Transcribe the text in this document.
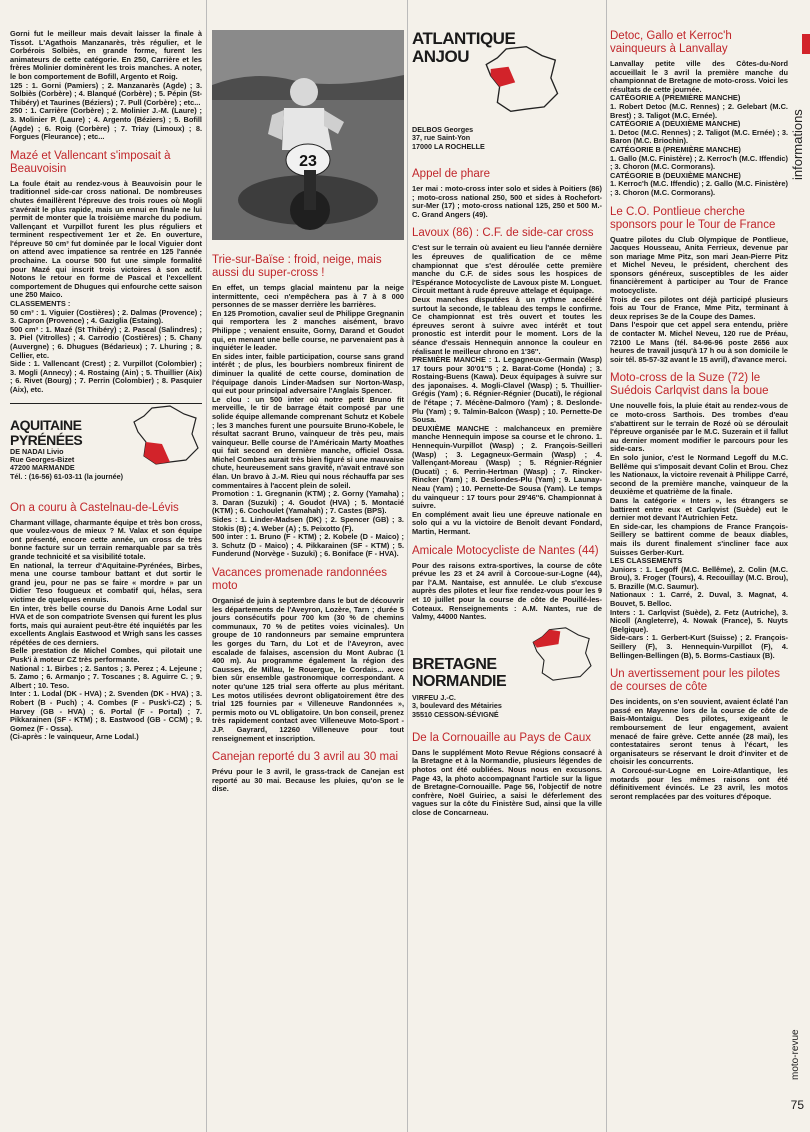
Gorni fut le meilleur mais devait laisser la finale à Tissot. L'Agathois Manzanarès, très régulier, et le Corbérois Solbiès, en grande forme, furent les animateurs de cette catégorie. En 250, Carrière et les frères Molinier dominèrent les trois manches. A noter, le bon comportement de Bofill, Argento et Roig.
125 : 1. Gorni (Pamiers) ; 2. Manzanarès (Agde) ; 3. Solbiès (Corbère) ; 4. Blanqué (Corbère) ; 5. Pépin (St-Thibéry) et Taurines (Béziers) ; 7. Pull (Corbère) ; etc...
250 : 1. Carrière (Corbère) ; 2. Molinier J.-M. (Laure) ; 3. Molinier P. (Laure) ; 4. Argento (Béziers) ; 5. Bofill (Agde) ; 6. Roig (Corbère) ; 7. Triay (Limoux) ; 8. Forgues (Fleurance) ; etc...

Mazé et Vallencant s'imposait à Beauvoisin

La foule était au rendez-vous à Beauvoisin pour le traditionnel side-car cross national. De nombreuses chutes émaillèrent l'épreuve des trois roues où Mogli s'avérait le plus rapide, mais un ennui en finale ne lui permit de monter que la troisième marche du podium. Vallençant et Vurpillot furent les plus réguliers et terminent respectivement 1er et 2e. En ouverture, l'épreuve 50 cm³ fut dominée par le local Viguier dont on attend avec impatience sa rentrée en 125 l'année prochaine. La course 500 fut une simple formalité pour Mazé qui inscrit trois victoires à son actif. Notons le retour en forme de Pascal et l'excellent comportement de Dhugues qui enfourche cette saison une 250 Maico.
CLASSEMENTS :
50 cm³ : 1. Viguier (Costières) ; 2. Dalmas (Provence) ; 3. Capron (Provence) ; 4. Gaziglia (Estaing).
500 cm³ : 1. Mazé (St Thibéry) ; 2. Pascal (Salindres) ; 3. Piel (Vitrolles) ; 4. Carrodio (Costières) ; 5. Chany (Auvergne) ; 6. Dhugues (Bédarieux) ; 7. Lhuring ; 8. Cellier, etc.
Side : 1. Vallencant (Crest) ; 2. Vurpillot (Colombier) ; 3. Mogli (Annecy) ; 4. Rostaing (Ain) ; 5. Thuillier (Aix) ; 6. Rivet (Bourg) ; 7. Perrin (Colombier) ; 8. Pasquier (Aix), etc.

AQUITAINE
PYRÉNÉES
DE NADAI Livio
Rue Georges-Bizet
47200 MARMANDE
Tél. : (16-56) 61-03-11 (la journée)
On a couru à Castelnau-de-Lévis

Charmant village, charmante équipe et très bon cross, que voulez-vous de mieux ? M. Valax et son équipe ont présenté, encore cette année, un cross de très bonne facture sur un terrain remarquable par sa très grande technicité et sa visibilité totale.
En national, la terreur d'Aquitaine-Pyrénées, Birbes, mena une course tambour battant et dut sortir le grand jeu, pour ne pas se faire « mordre » par un Didier Teso fougueux et combatif qui, hélas, sera victime de quelques ennuis.
En inter, très belle course du Danois Arne Lodal sur HVA et de son compatriote Svensen qui furent les plus forts, mais qui auraient peut-être été inquiétés par les excellents Anglais Eastwood et Wrigh sans les casses répétées de ces derniers.
Belle prestation de Michel Combes, qui pilotait une Pusk'i à moteur CZ très performante.
National : 1. Birbes ; 2. Santos ; 3. Perez ; 4. Lejeune ; 5. Zamo ; 6. Armanjo ; 7. Toscanes ; 8. Aguirre C. ; 9. Albert ; 10. Teso.
Inter : 1. Lodal (DK - HVA) ; 2. Svenden (DK - HVA) ; 3. Robert (B - Puch) ; 4. Combes (F - Pusk'i-CZ) ; 5. Harvey (GB - HVA) ; 6. Portal (F - Portal) ; 7. Pikkarainen (SF - KTM) ; 8. Eastwood (GB - CCM) ; 9. Gomez (F - Ossa).
(Ci-après : le vainqueur, Arne Lodal.)

23
Trie-sur-Baïse : froid, neige, mais aussi du super-cross !

En effet, un temps glacial maintenu par la neige intermittente, ceci n'empêchera pas à 7 à 8 000 personnes de se masser derrière les barrières.
En 125 Promotion, cavalier seul de Philippe Gregnanin qui remportera les 2 manches aisément, bravo Philippe ; venaient ensuite, Gorny, Darand et Goudot qui, en menant une belle course, ne parvenaient pas à inquiéter le leader.
En sides inter, faible participation, course sans grand intérêt ; de plus, les bourbiers nombreux finirent de diminuer la qualité de cette course, domination de l'équipage danois Linder-Madsen sur Norton-Wasp, qui eut pour principal adversaire l'Anglais Spencer.
Le clou : un 500 inter où notre petit Bruno fit merveille, le tir de barrage était composé par une solide équipe allemande comprenant Schutz et Kobele ; les 3 manches furent une poursuite Bruno-Kobele, le résultat sacrant Bruno, vainqueur de très peu, mais vainqueur. Belle course de l'Américain Marty Moathes qui fait second en dernière manche, officiel Ossa. Michel Combes aurait très bien figuré si une mauvaise chute, heureusement sans gravité, n'avait entravé son élan. Un bravo à J.-M. Rieu qui nous réchauffa par ses commentaires à l'accent plein de soleil.
Promotion : 1. Gregnanin (KTM) ; 2. Gorny (Yamaha) ; 3. Daran (Suzuki) ; 4. Goudot (HVA) ; 5. Montacié (KTM) ; 6. Cochoulet (Yamahah) ; 7. Castes (BPS).
Sides : 1. Linder-Madsen (DK) ; 2. Spencer (GB) ; 3. Stokis (B) ; 4. Weber (A) ; 5. Peixotto (F).
500 inter : 1. Bruno (F - KTM) ; 2. Kobele (D - Maico) ; 3. Schutz (D - Maico) ; 4. Pikkarainen (SF - KTM) ; 5. Funderund (Norvège - Suzuki) ; 6. Boniface (F - HVA).

Vacances promenade randonnées moto

Organisé de juin à septembre dans le but de découvrir les départements de l'Aveyron, Lozère, Tarn ; durée 5 jours consécutifs pour 700 km (30 % de chemins communaux, 70 % de petites voies vicinales). Un groupe de 10 randonneurs par semaine empruntera les gorges du Tarn, du Lot et de l'Aveyron, avec escalade de falaises, ascension du Mont Aubrac (1 400 m). Au programme également la région des Causses, de Millau, le Rouergue, le Cordais... avec bien sûr ensemble gastronomique correspondant. A noter qu'une 125 trial sera offerte au plus méritant. Les motos utilisées devront obligatoirement être des trial 125 fournies par « Villeneuve Randonnées », permis moto ou VL obligatoire. Un bon conseil, prenez très rapidement contact avec Villeneuve Moto-Sport - J.P. Gayrard, 12260 Villeneuve pour tout renseignement et inscription.

Canejan reporté du 3 avril au 30 mai

Prévu pour le 3 avril, le grass-track de Canejan est reporté au 30 mai. Because les pluies, qu'on se le dise.

ATLANTIQUE
ANJOU
DELBOS Georges
37, rue Saint-Yon
17000 LA ROCHELLE
Appel de phare

1er mai : moto-cross inter solo et sides à Poitiers (86) ; moto-cross national 250, 500 et sides à Rochefort-sur-Mer (17) ; moto-cross national 125, 250 et 500 M.-C. Grand Angers (49).

Lavoux (86) : C.F. de side-car cross

C'est sur le terrain où avaient eu lieu l'année dernière les épreuves de qualification de ce même championnat que s'est déroulée cette première manche du C.F. de sides sous les hospices de l'Espérance Motocycliste de Lavoux piste M. Longuet. Circuit mettant à rude épreuve attelage et équipage.
Deux manches disputées à un rythme accéléré surtout la seconde, le tableau des temps le confirme. Ce championnat est très ouvert et toutes les épreuves seront à suivre avec intérêt et tout pronostic est interdit pour le moment. Lors de la séance d'essais Hennequin annonce la couleur en réalisant le meilleur chrono en 1'36''.
PREMIÈRE MANCHE : 1. Legagneux-Germain (Wasp) 17 tours pour 30'01''5 ; 2. Barat-Come (Honda) ; 3. Rostaing-Buens (Kawa). Deux équipages à suivre sur des japonaises. 4. Mogli-Clavel (Wasp) ; 5. Thuillier-Grégis (Yam) ; 6. Régnier-Régnier (Ducati), le régional de l'étape ; 7. Mécène-Dalmoro (Yam) ; 8. Deslonde-Plu (Yam) ; 9. Talmin-Balcon (Wasp) ; 10. Pernette-De Sousa.
DEUXIÈME MANCHE : malchanceux en première manche Hennequin impose sa course et le chrono. 1. Hennequin-Vurpillot (Wasp) ; 2. François-Seilleri (Wasp) ; 3. Legagneux-Germain (Wasp) ; 4. Vallençant-Moreau (Wasp) ; 5. Régnier-Régnier (Ducati) ; 6. Perrin-Hertman (Wasp) ; 7. Rincker-Rincker (Yam) ; 8. Deslondes-Plu (Yam) ; 9. Launay-Neau (Yam) ; 10. Pernette-De Sousa (Yam). Le temps du vainqueur : 17 tours pour 29'46''6. Championnat à suivre.
En complément avait lieu une épreuve nationale en solo qui a vu la victoire de Benoît devant Fondard, Martin, Hermant.

Amicale Motocycliste de Nantes (44)

Pour des raisons extra-sportives, la course de côte prévue les 23 et 24 avril à Corcoue-sur-Logne (44), par l'A.M. Nantaise, est annulée. Le club s'excuse auprès des pilotes et leur fixe rendez-vous pour les 9 et 10 juillet pour la course de côte de Pouillé-les-Coteaux. Renseignements : A.M. Nantes, rue de Valmy, 44000 Nantes.

BRETAGNE
NORMANDIE
VIRFEU J.-C.
3, boulevard des Métairies
35510 CESSON-SÉVIGNÉ
De la Cornouaille au Pays de Caux

Dans le supplément Moto Revue Régions consacré à la Bretagne et à la Normandie, plusieurs légendes de photos ont été oubliées. Nous nous en excusons. Page 43, la photo accompagnant l'article sur la ligue de Bretagne-Cornouaille. Page 56, l'objectif de notre confrère, Noël Guiriec, a saisi le déferlement des vagues sur la côte du Finistère Sud, ainsi que la ville close de Concarneau.

Detoc, Gallo et Kerroc'h vainqueurs à Lanvallay

Lanvallay petite ville des Côtes-du-Nord accueillait le 3 avril la première manche du championnat de Bretagne de moto-cross. Voici les résultats de cette journée.
CATÉGORIE A (PREMIÈRE MANCHE)
1. Robert Detoc (M.C. Rennes) ; 2. Gelebart (M.C. Brest) ; 3. Taligot (M.C. Ernée).
CATÉGORIE A (DEUXIÈME MANCHE)
1. Detoc (M.C. Rennes) ; 2. Taligot (M.C. Ernée) ; 3. Baron (M.C. Briochin).
CATÉGORIE B (PREMIÈRE MANCHE)
1. Gallo (M.C. Finistère) ; 2. Kerroc'h (M.C. Iffendic) ; 3. Choron (M.C. Cormorans).
CATÉGORIE B (DEUXIÈME MANCHE)
1. Kerroc'h (M.C. Iffendic) ; 2. Gallo (M.C. Finistère) ; 3. Choron (M.C. Cormorans).

Le C.O. Pontlieue cherche sponsors pour le Tour de France

Quatre pilotes du Club Olympique de Pontlieue, Jacques Housseau, Anita Ferrieux, devenue par son mariage Mme Pitz, son mari Jean-Pierre Pitz et Michel Neveu, le président, cherchent des sponsors généreux, susceptibles de les aider financièrement à participer au Tour de France motocycliste.
Trois de ces pilotes ont déjà participé plusieurs fois au Tour de France, Mme Pitz, terminant à deux reprises 3e de la Coupe des Dames.
Dans l'espoir que cet appel sera entendu, prière de contacter M. Michel Neveu, 120 rue de Préau, 72100 Le Mans (tél. 84-96-96 poste 2656 aux heures de travail jusqu'à 17 h ou à son domicile le soir tél. 85-57-32 avant le 15 avril), d'avance merci.

Moto-cross de la Suze (72) le Suédois Carlqvist dans la boue

Une nouvelle fois, la pluie était au rendez-vous de ce moto-cross Sarthois. Des trombes d'eau s'abattirent sur le terrain de Rozé où se déroulait l'épreuve organisée par le M.C. Suzerain et il fallut au dernier moment modifier le parcours pour les side-cars.
En solo junior, c'est le Normand Legoff du M.C. Bellême qui s'imposait devant Colin et Brou. Chez les Nationaux, la victoire revenait à Philippe Carré, second de la première manche, vainqueur de la deuxième et quatrième de la finale.
Dans la catégorie « Inters », les étrangers se battirent entre eux et Carlqvist (Suède) eut le dernier mot devant l'Autrichien Fetz.
En side-car, les champions de France François-Seillery se battirent comme de beaux diables, mais ils durent finalement s'incliner face aux Suisses Gerber-Kurt.
LES CLASSEMENTS
Juniors : 1. Legoff (M.C. Bellême), 2. Colin (M.C. Brou), 3. Froger (Tours), 4. Recouillay (M.C. Brou), 5. Brazille (M.C. Saumur).
Nationaux : 1. Carré, 2. Duval, 3. Magnat, 4. Bouvet, 5. Belloc.
Inters : 1. Carlqvist (Suède), 2. Fetz (Autriche), 3. Nicoll (Angleterre), 4. Nowak (France), 5. Nuyts (Belgique).
Side-cars : 1. Gerbert-Kurt (Suisse) ; 2. François-Seillery (F), 3. Hennequin-Vurpillot (F), 4. Bellingen-Bellingen (B), 5. Borms-Castiaux (B).

Un avertissement pour les pilotes de courses de côte

Des incidents, on s'en souvient, avaient éclaté l'an passé en Mayenne lors de la course de côte de Bais-Montaigu. Des pilotes, exigeant le remboursement de leur engagement, avaient menacé de faire grève. Cette année (28 mai), les contestataires seront tenus à l'écart, les organisateurs se réservant le droit d'inviter et de choisir les concurrents.
A Corcoué-sur-Logne en Loire-Atlantique, les motards pour les mêmes raisons ont été définitivement évincés. Le 23 avril, les motos seront remplacées par des voitures d'époque.

informations
moto-revue
75
